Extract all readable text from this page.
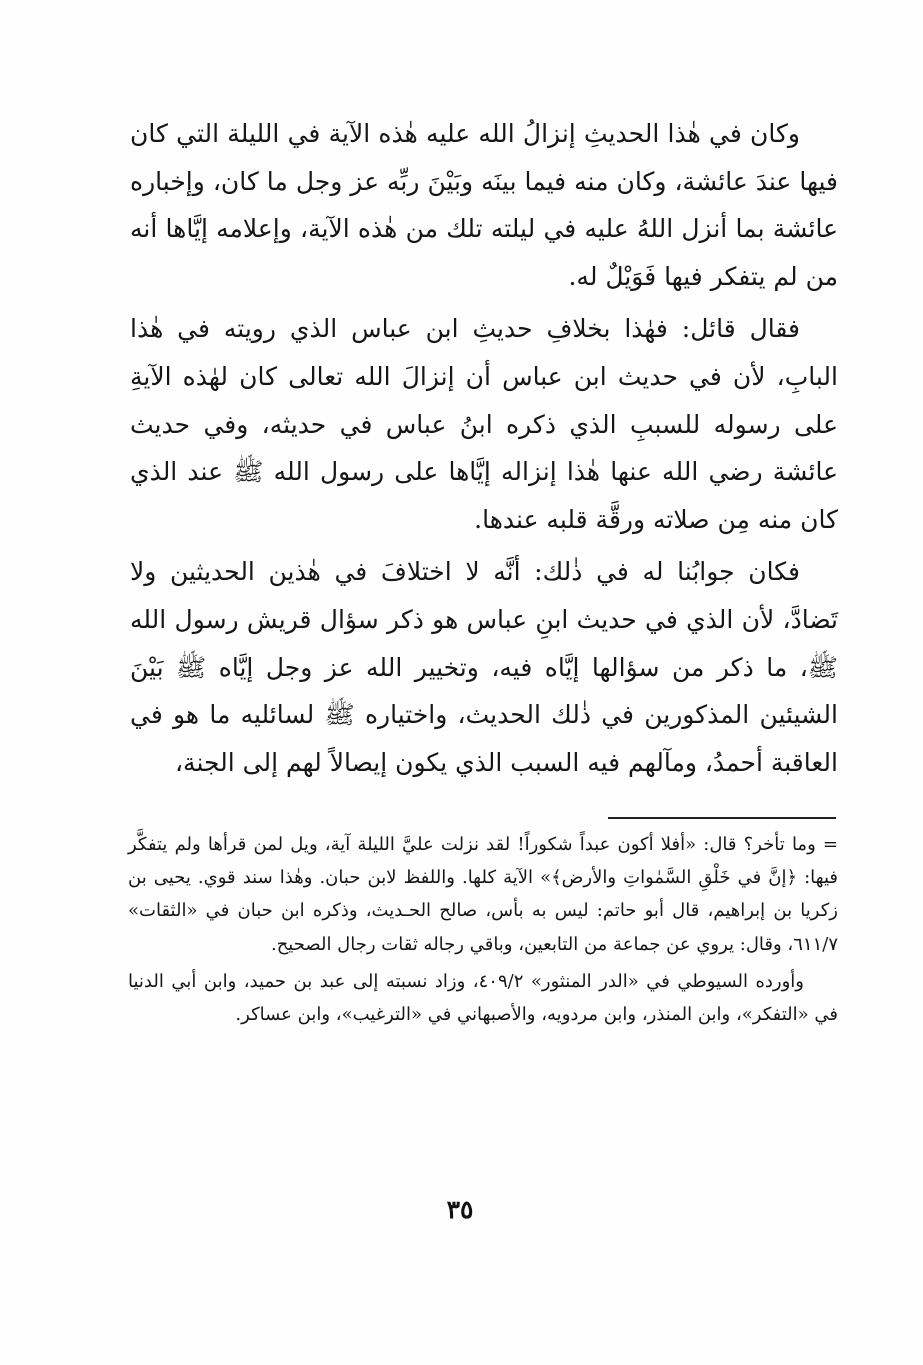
وكان في هٰذا الحديثِ إنزالُ الله عليه هٰذه الآية في الليلة التي كان فيها عندَ عائشة، وكان منه فيما بينَه وبَيْنَ ربِّه عز وجل ما كان، وإخباره عائشة بما أنزل اللهُ عليه في ليلته تلك من هٰذه الآية، وإعلامه إيَّاها أنه من لم يتفكر فيها فَوَيْلٌ له.

فقال قائل: فهٰذا بخلافِ حديثِ ابن عباس الذي رويته في هٰذا البابِ، لأن في حديث ابن عباس أن إنزالَ الله تعالى كان لهٰذه الآيةِ على رسوله للسببِ الذي ذكره ابنُ عباس في حديثه، وفي حديث عائشة رضي الله عنها هٰذا إنزاله إيَّاها على رسول الله ﷺ عند الذي كان منه مِن صلاته ورقَّة قلبه عندها.

فكان جوابُنا له في ذٰلك: أنَّه لا اختلافَ في هٰذين الحديثين ولا تَضادَّ، لأن الذي في حديث ابنِ عباس هو ذكر سؤال قريش رسول الله ﷺ، ما ذكر من سؤالها إيَّاه فيه، وتخيير الله عز وجل إيَّاه ﷺ بَيْنَ الشيئين المذكورين في ذٰلك الحديث، واختياره ﷺ لسائليه ما هو في العاقبة أحمدُ، ومآلهم فيه السبب الذي يكون إيصالاً لهم إلى الجنة،

= وما تأخر؟ قال: «أفلا أكون عبداً شكوراً! لقد نزلت عليَّ الليلة آية، ويل لمن قرأها ولم يتفكَّر فيها: ﴿إنَّ في خَلْقِ السَّمٰواتِ والأرض﴾» الآية كلها. واللفظ لابن حبان. وهٰذا سند قوي. يحيى بن زكريا بن إبراهيم، قال أبو حاتم: ليس به بأس، صالح الحـديث، وذكره ابن حبان في «الثقات» ٦١١/٧، وقال: يروي عن جماعة من التابعين، وباقي رجاله ثقات رجال الصحيح.

وأورده السيوطي في «الدر المنثور» ٤٠٩/٢، وزاد نسبته إلى عبد بن حميد، وابن أبي الدنيا في «التفكر»، وابن المنذر، وابن مردويه، والأصبهاني في «الترغيب»، وابن عساكر.

٣٥
